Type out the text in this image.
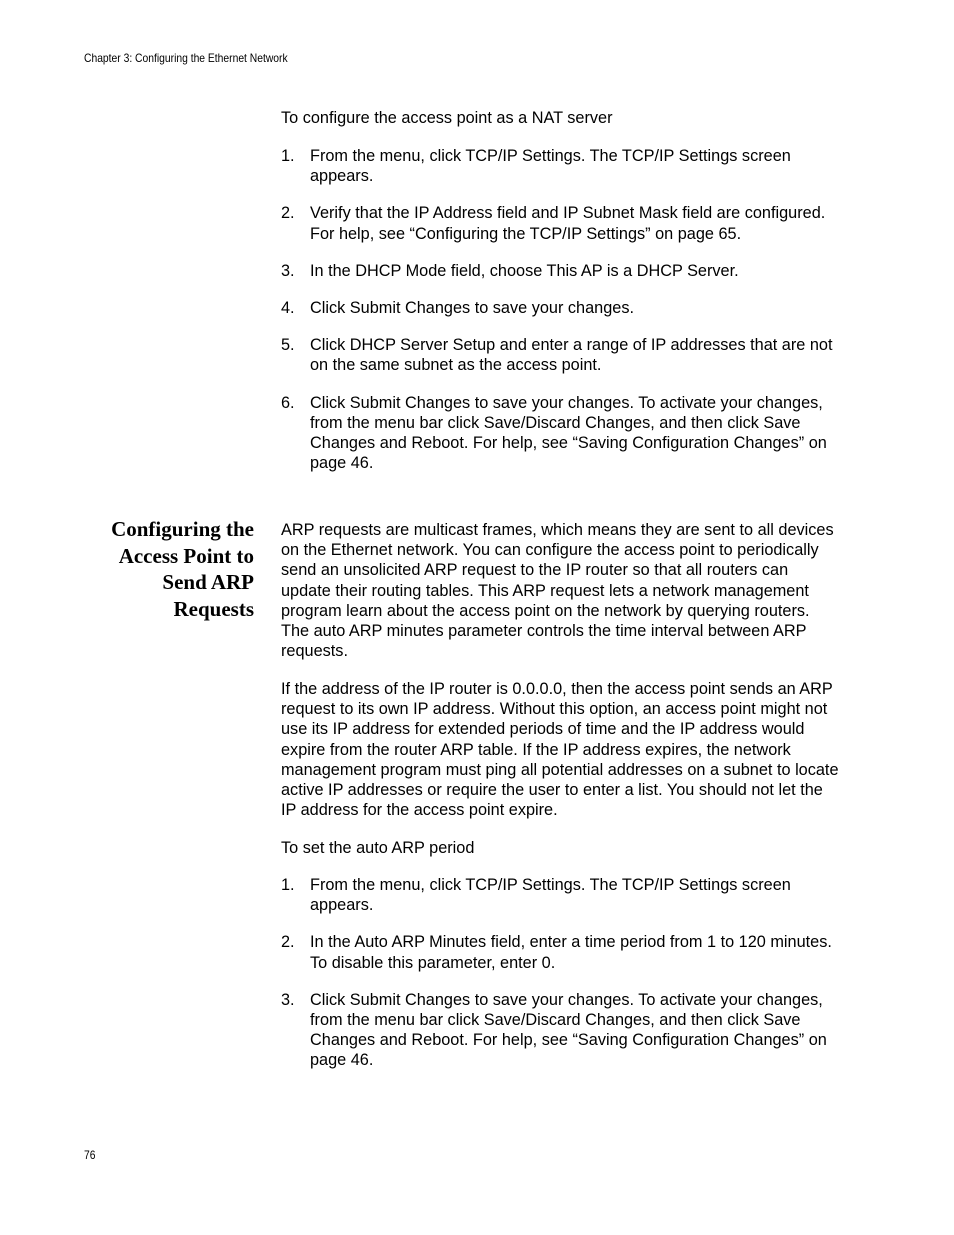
Chapter 3: Configuring the Ethernet Network

To configure the access point as a NAT server

1. From the menu, click TCP/IP Settings. The TCP/IP Settings screen appears.
2. Verify that the IP Address field and IP Subnet Mask field are configured. For help, see “Configuring the TCP/IP Settings” on page 65.
3. In the DHCP Mode field, choose This AP is a DHCP Server.
4. Click Submit Changes to save your changes.
5. Click DHCP Server Setup and enter a range of IP addresses that are not on the same subnet as the access point.
6. Click Submit Changes to save your changes. To activate your changes, from the menu bar click Save/Discard Changes, and then click Save Changes and Reboot. For help, see “Saving Configuration Changes” on page 46.
Configuring the Access Point to Send ARP Requests

ARP requests are multicast frames, which means they are sent to all devices on the Ethernet network. You can configure the access point to periodically send an unsolicited ARP request to the IP router so that all routers can update their routing tables. This ARP request lets a network management program learn about the access point on the network by querying routers. The auto ARP minutes parameter controls the time interval between ARP requests.

If the address of the IP router is 0.0.0.0, then the access point sends an ARP request to its own IP address. Without this option, an access point might not use its IP address for extended periods of time and the IP address would expire from the router ARP table. If the IP address expires, the network management program must ping all potential addresses on a subnet to locate active IP addresses or require the user to enter a list. You should not let the IP address for the access point expire.

To set the auto ARP period

1. From the menu, click TCP/IP Settings. The TCP/IP Settings screen appears.
2. In the Auto ARP Minutes field, enter a time period from 1 to 120 minutes. To disable this parameter, enter 0.
3. Click Submit Changes to save your changes. To activate your changes, from the menu bar click Save/Discard Changes, and then click Save Changes and Reboot. For help, see “Saving Configuration Changes” on page 46.
76
